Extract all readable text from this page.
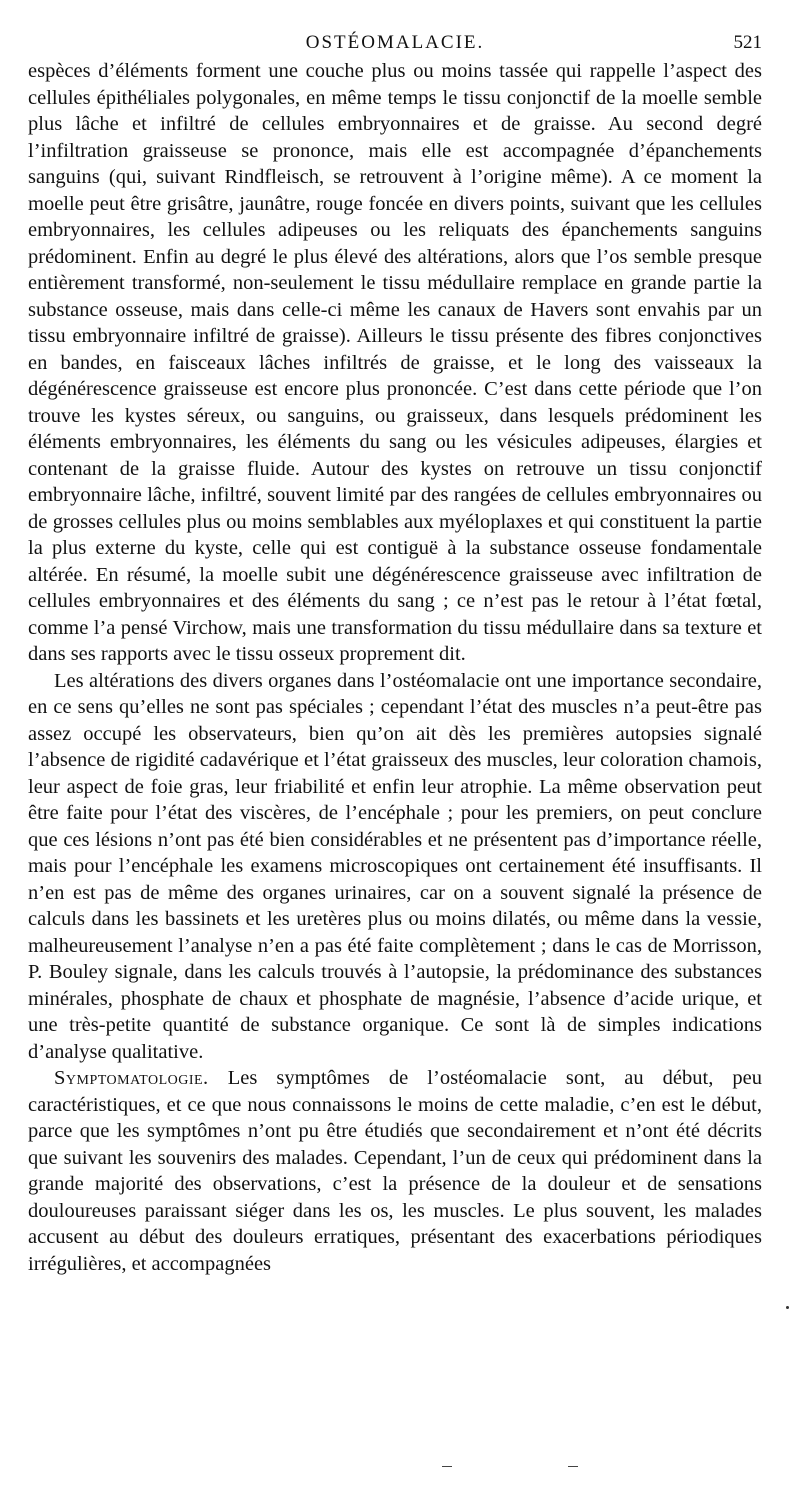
OSTÉOMALACIE.	521

espèces d’éléments forment une couche plus ou moins tassée qui rappelle l’aspect des cellules épithéliales polygonales, en même temps le tissu conjonctif de la moelle semble plus lâche et infiltré de cellules embryonnaires et de graisse. Au second degré l’infiltration graisseuse se prononce, mais elle est accompagnée d’épanchements sanguins (qui, suivant Rindfleisch, se retrouvent à l’origine même). A ce moment la moelle peut être grisâtre, jaunâtre, rouge foncée en divers points, suivant que les cellules embryonnaires, les cellules adipeuses ou les reliquats des épanchements sanguins prédominent. Enfin au degré le plus élevé des altérations, alors que l’os semble presque entièrement transformé, non-seulement le tissu médullaire remplace en grande partie la substance osseuse, mais dans celle-ci même les canaux de Havers sont envahis par un tissu embryonnaire infiltré de graisse). Ailleurs le tissu présente des fibres conjonctives en bandes, en faisceaux lâches infiltrés de graisse, et le long des vaisseaux la dégénérescence graisseuse est encore plus prononcée. C’est dans cette période que l’on trouve les kystes séreux, ou sanguins, ou graisseux, dans lesquels prédominent les éléments embryonnaires, les éléments du sang ou les vésicules adipeuses, élargies et contenant de la graisse fluide. Autour des kystes on retrouve un tissu conjonctif embryonnaire lâche, infiltré, souvent limité par des rangées de cellules embryonnaires ou de grosses cellules plus ou moins semblables aux myéloplaxes et qui constituent la partie la plus externe du kyste, celle qui est contiguë à la substance osseuse fondamentale altérée. En résumé, la moelle subit une dégénérescence graisseuse avec infiltration de cellules embryonnaires et des éléments du sang ; ce n’est pas le retour à l’état fœtal, comme l’a pensé Virchow, mais une transformation du tissu médullaire dans sa texture et dans ses rapports avec le tissu osseux proprement dit.

Les altérations des divers organes dans l’ostéomalacie ont une importance secondaire, en ce sens qu’elles ne sont pas spéciales ; cependant l’état des muscles n’a peut-être pas assez occupé les observateurs, bien qu’on ait dès les premières autopsies signalé l’absence de rigidité cadavérique et l’état graisseux des muscles, leur coloration chamois, leur aspect de foie gras, leur friabilité et enfin leur atrophie. La même observation peut être faite pour l’état des viscères, de l’encéphale ; pour les premiers, on peut conclure que ces lésions n’ont pas été bien considérables et ne présentent pas d’importance réelle, mais pour l’encéphale les examens microscopiques ont certainement été insuffisants. Il n’en est pas de même des organes urinaires, car on a souvent signalé la présence de calculs dans les bassinets et les uretères plus ou moins dilatés, ou même dans la vessie, malheureusement l’analyse n’en a pas été faite complètement ; dans le cas de Morrisson, P. Bouley signale, dans les calculs trouvés à l’autopsie, la prédominance des substances minérales, phosphate de chaux et phosphate de magnésie, l’absence d’acide urique, et une très-petite quantité de substance organique. Ce sont là de simples indications d’analyse qualitative.

Symptomatologie. Les symptômes de l’ostéomalacie sont, au début, peu caractéristiques, et ce que nous connaissons le moins de cette maladie, c’en est le début, parce que les symptômes n’ont pu être étudiés que secondairement et n’ont été décrits que suivant les souvenirs des malades. Cependant, l’un de ceux qui prédominent dans la grande majorité des observations, c’est la présence de la douleur et de sensations douloureuses paraissant siéger dans les os, les muscles. Le plus souvent, les malades accusent au début des douleurs erratiques, présentant des exacerbations périodiques irrégulières, et accompagnées
